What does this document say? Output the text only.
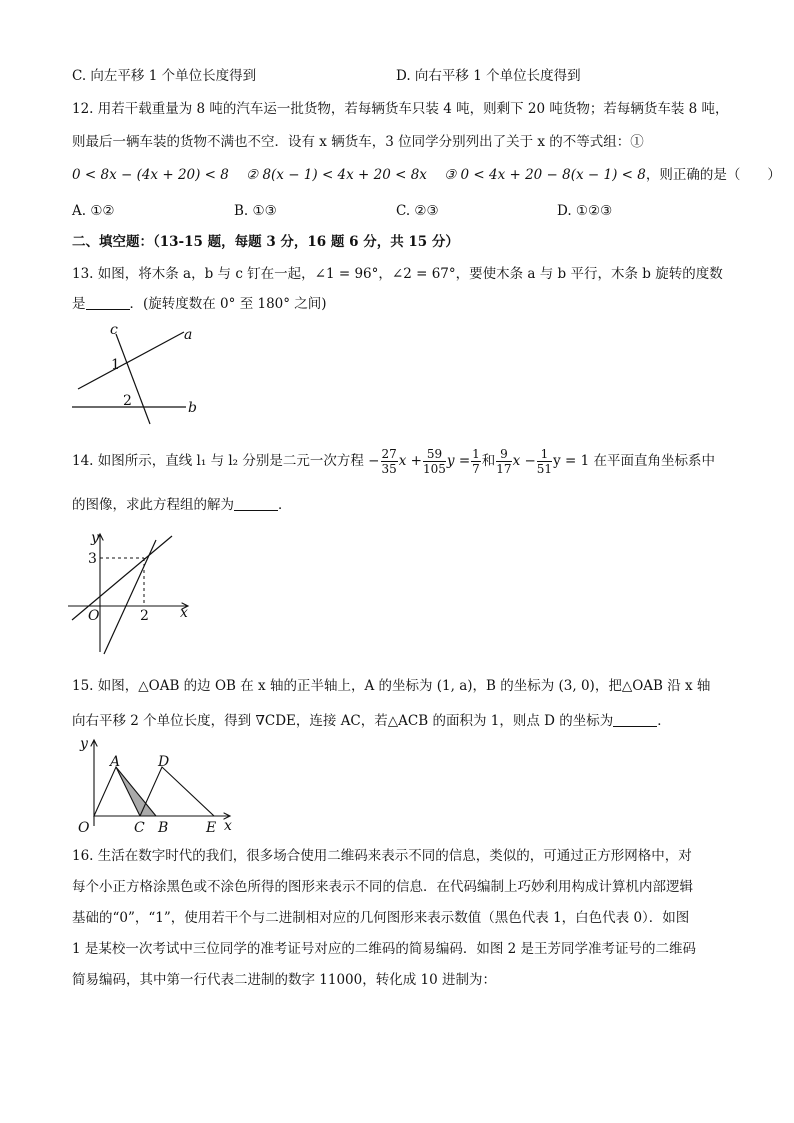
C. 向左平移 1 个单位长度得到	D. 向右平移 1 个单位长度得到
12. 用若干载重量为 8 吨的汽车运一批货物，若每辆货车只装 4 吨，则剩下 20 吨货物；若每辆货车装 8 吨，
则最后一辆车装的货物不满也不空．设有 x 辆货车，3 位同学分别列出了关于 x 的不等式组：①
0 < 8x − (4x + 20) < 8 ② 8(x − 1) < 4x + 20 < 8x ③ 0 < 4x + 20 − 8(x − 1) < 8，则正确的是（　　）
A. ①②	B. ①③	C. ②③	D. ①②③
二、填空题：（13-15 题，每题 3 分，16 题 6 分，共 15 分）
13. 如图，将木条 a，b 与 c 钉在一起，∠1 = 96°，∠2 = 67°，要使木条 a 与 b 平行，木条 b 旋转的度数
是	．(旋转度数在 0° 至 180° 之间)
c	a
1
2	b
14. 如图所示，直线 l₁ 与 l₂ 分别是二元一次方程 − $\frac{27}{35}$ $x + \frac{59}{105}$ $y = \frac{1}{7}$ 和 $\frac{9}{17}$ $x - \frac{1}{51}$ y = 1 在平面直角坐标系中
的图像，求此方程组的解为	．
y
3
O	2 x
15. 如图，△OAB 的边 OB 在 x 轴的正半轴上，A 的坐标为 (1, a)，B 的坐标为 (3, 0)，把△OAB 沿 x 轴
向右平移 2 个单位长度，得到 ∇CDE，连接 AC，若△ACB 的面积为 1，则点 D 的坐标为	．
y
A	D
O	C B	E x
16. 生活在数字时代的我们，很多场合使用二维码来表示不同的信息，类似的，可通过正方形网格中，对
每个小正方格涂黑色或不涂色所得的图形来表示不同的信息．在代码编制上巧妙利用构成计算机内部逻辑
基础的“0”，“1”，使用若干个与二进制相对应的几何图形来表示数值（黑色代表 1，白色代表 0）．如图
1 是某校一次考试中三位同学的准考证号对应的二维码的简易编码．如图 2 是王芳同学准考证号的二维码
简易编码，其中第一行代表二进制的数字 11000，转化成 10 进制为：
